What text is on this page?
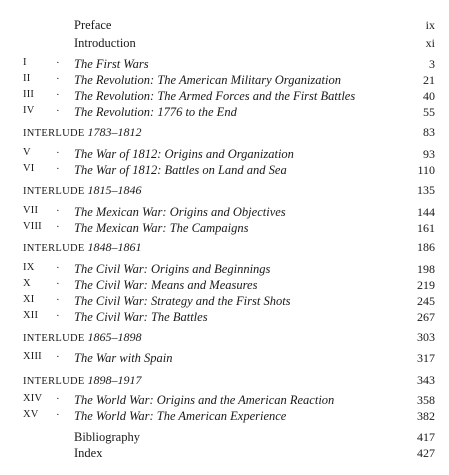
Preface	ix
Introduction	xi
I	· The First Wars	3
II · The Revolution: The American Military Organization	21
III · The Revolution: The Armed Forces and the First Battles	40
IV · The Revolution: 1776 to the End	55
INTERLUDE 1783–1812	83
V · The War of 1812: Origins and Organization	93
VI · The War of 1812: Battles on Land and Sea	110
INTERLUDE 1815–1846	135
VII · The Mexican War: Origins and Objectives	144
VIII · The Mexican War: The Campaigns	161
INTERLUDE 1848–1861	186
IX · The Civil War: Origins and Beginnings	198
X · The Civil War: Means and Measures	219
XI · The Civil War: Strategy and the First Shots	245
XII · The Civil War: The Battles	267
INTERLUDE 1865–1898	303
XIII · The War with Spain	317
INTERLUDE 1898–1917	343
XIV · The World War: Origins and the American Reaction	358
XV · The World War: The American Experience	382
Bibliography	417
Index	427
